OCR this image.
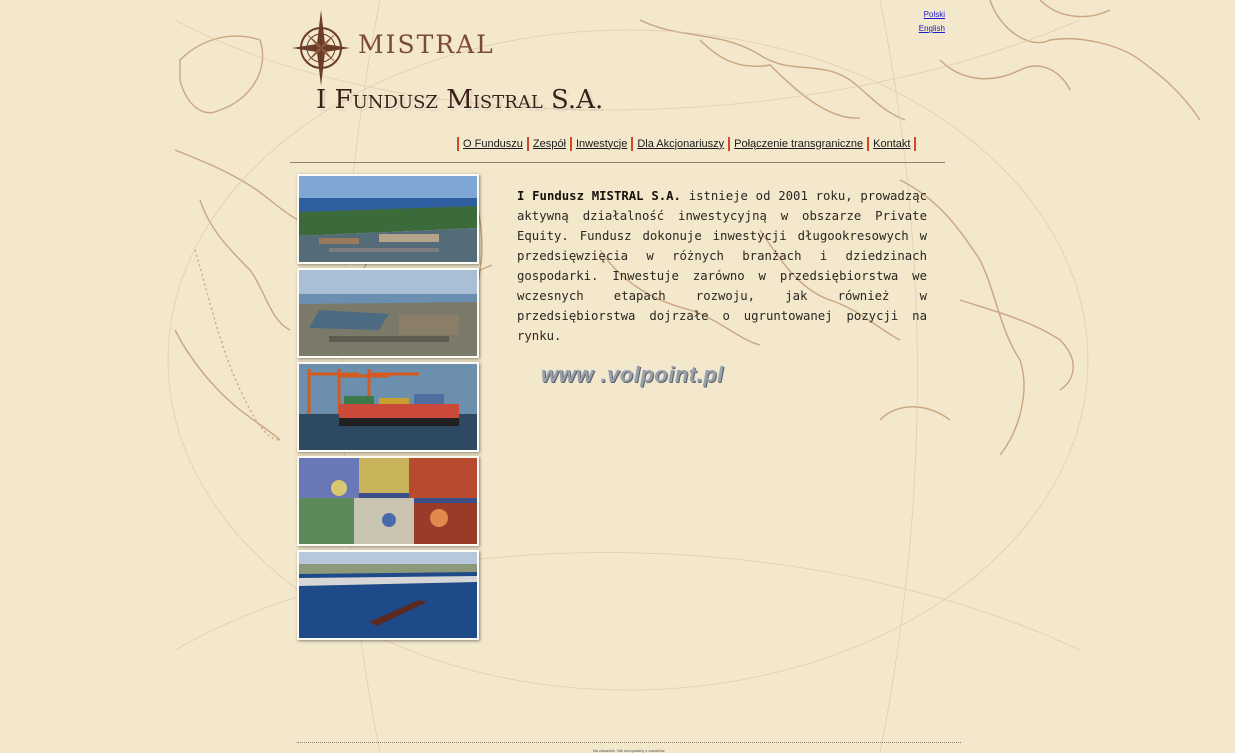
MISTRAL
I Fundusz Mistral S.A.
Polski
English
O Funduszu Zespół Inwestycje Dla Akcjonariuszy Połączenie transgraniczne Kontakt
I Fundusz MISTRAL S.A. istnieje od 2001 roku, prowadząc aktywną działalność inwestycyjną w obszarze Private Equity. Fundusz dokonuje inwestycji długookresowych w przedsięwzięcia w różnych branżach i dziedzinach gospodarki. Inwestuje zarówno w przedsiębiorstwa we wczesnych etapach rozwoju, jak również w przedsiębiorstwa dojrzałe o ugruntowanej pozycji na rynku.
www .volpoint.pl
Na zasadzie. Nie korzystamy z zasobów.
